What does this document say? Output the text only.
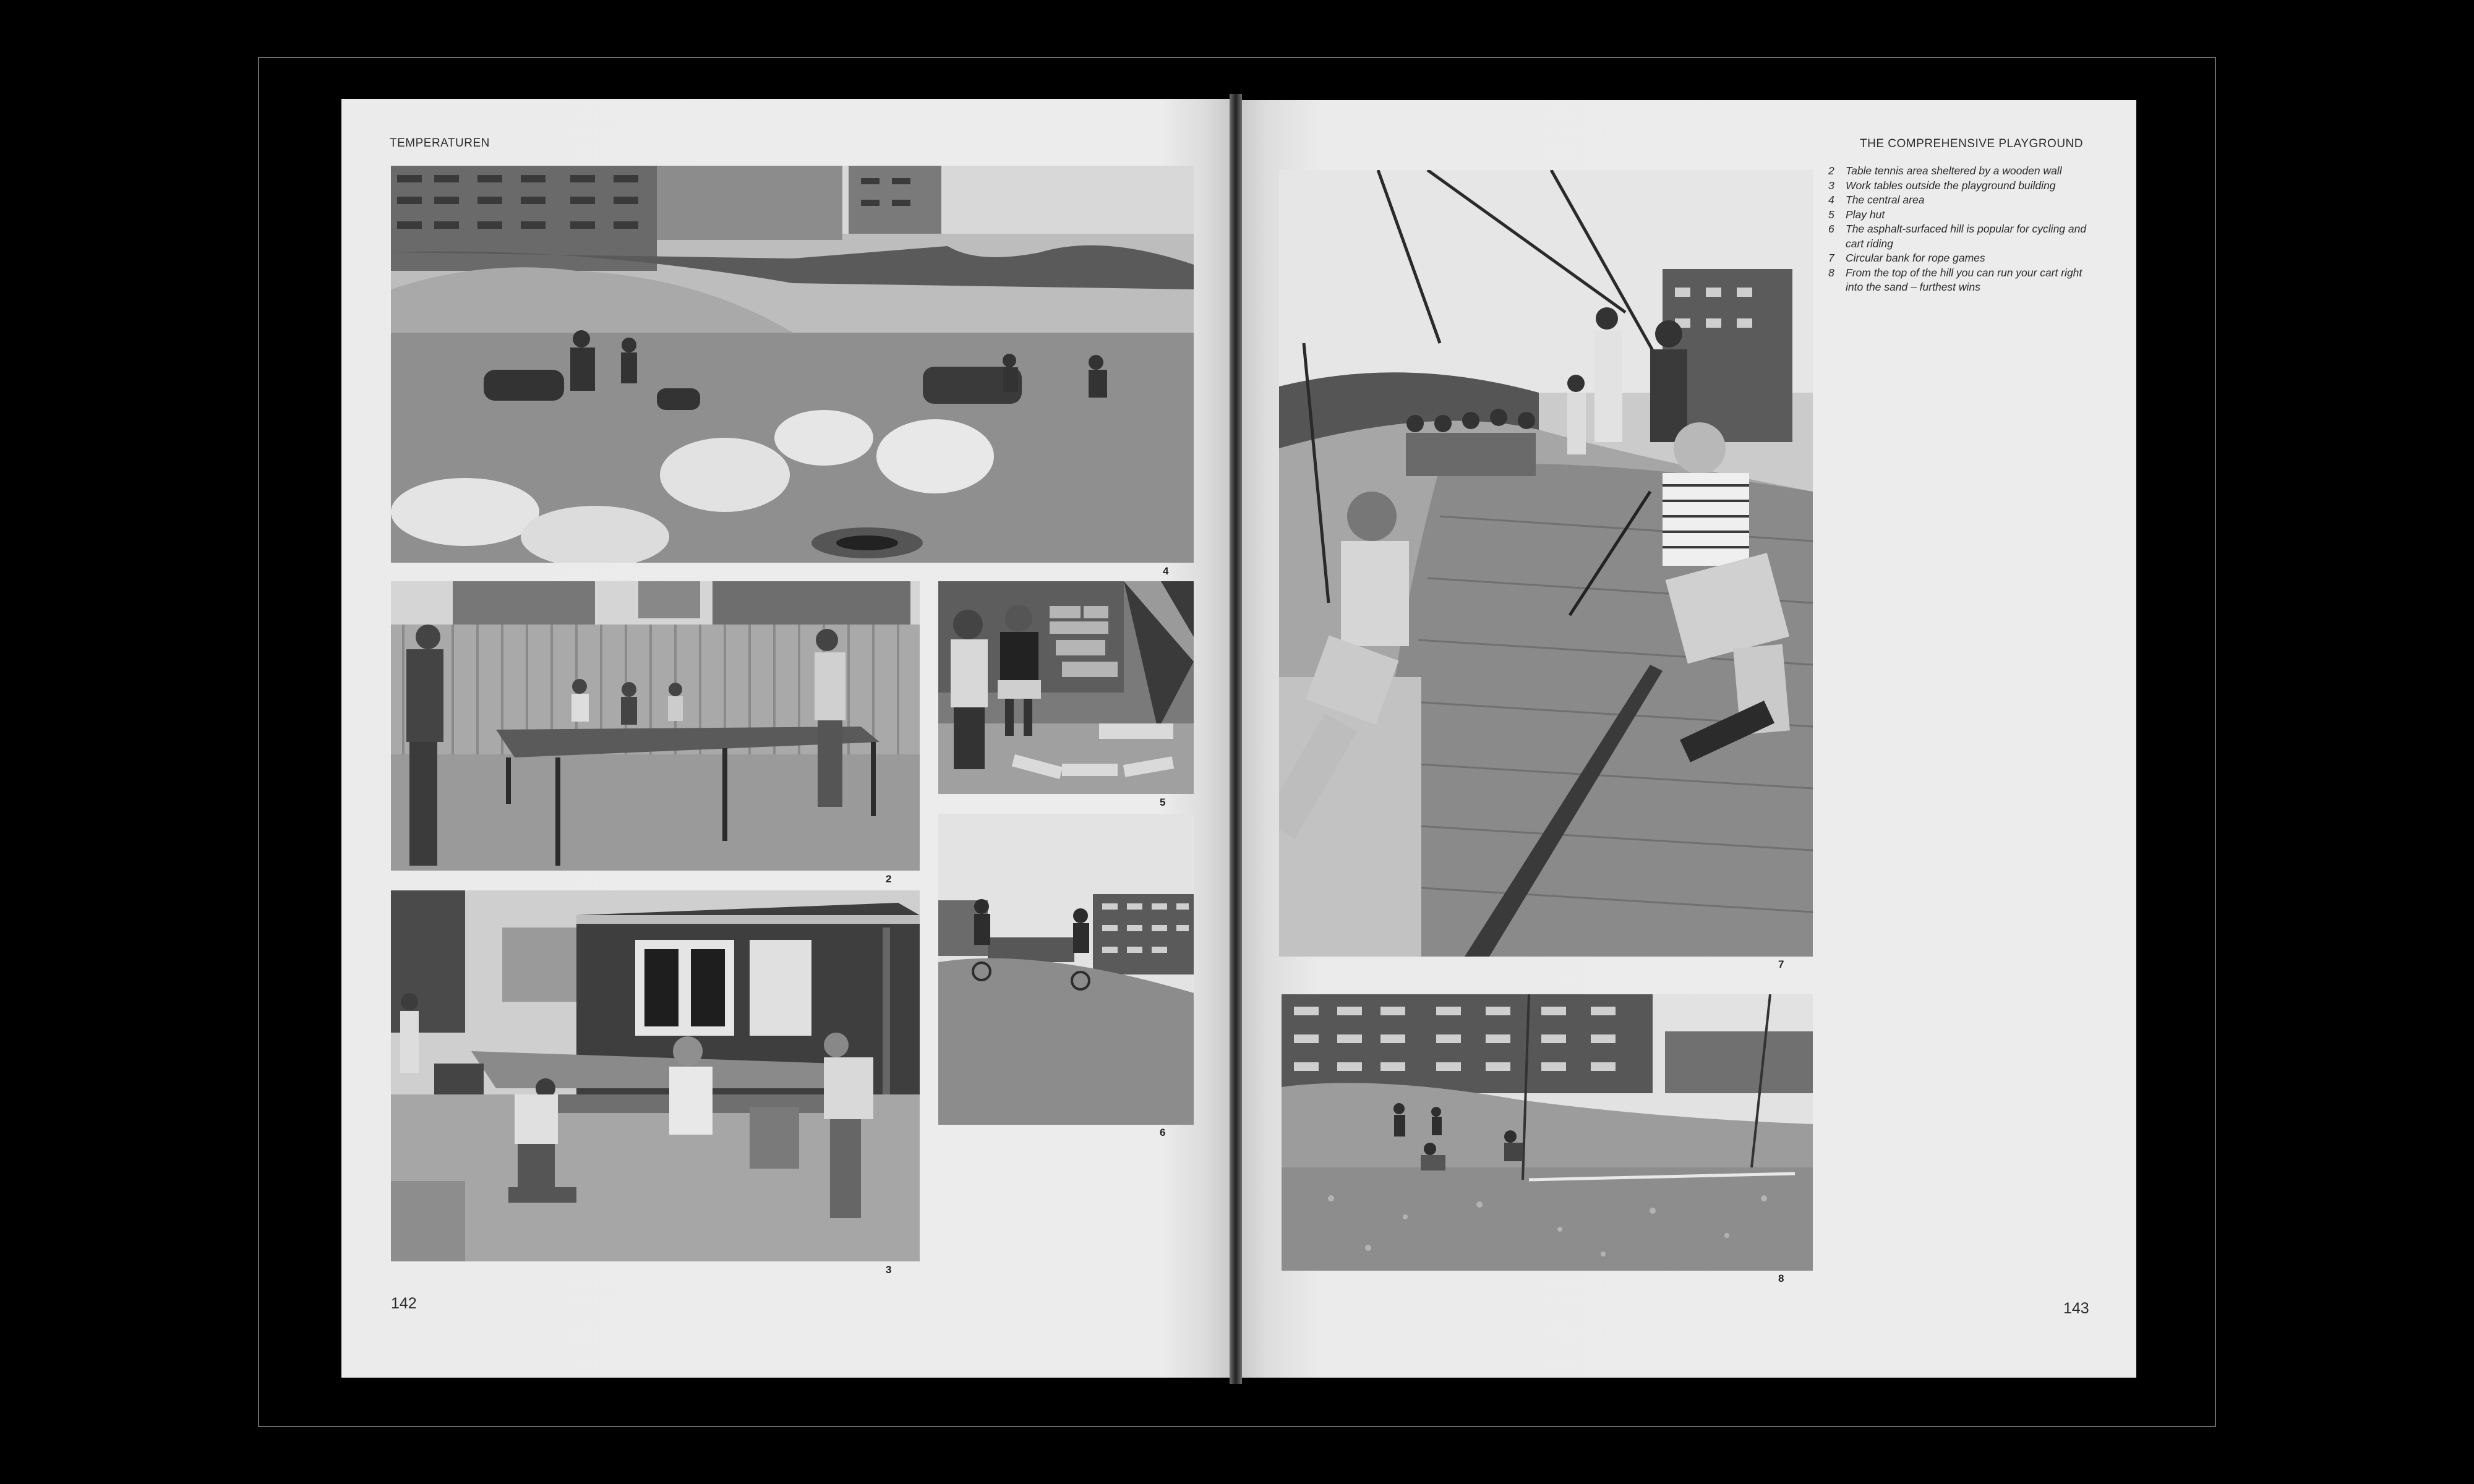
TEMPERATUREN	THE COMPREHENSIVE PLAYGROUND
4
2
5
3
6
142
7
8
2	Table tennis area sheltered by a wooden wall
3	Work tables outside the playground building
4	The central area
5	Play hut
6	The asphalt-surfaced hill is popular for cycling and cart riding
7	Circular bank for rope games
8	From the top of the hill you can run your cart right into the sand – furthest wins
143
